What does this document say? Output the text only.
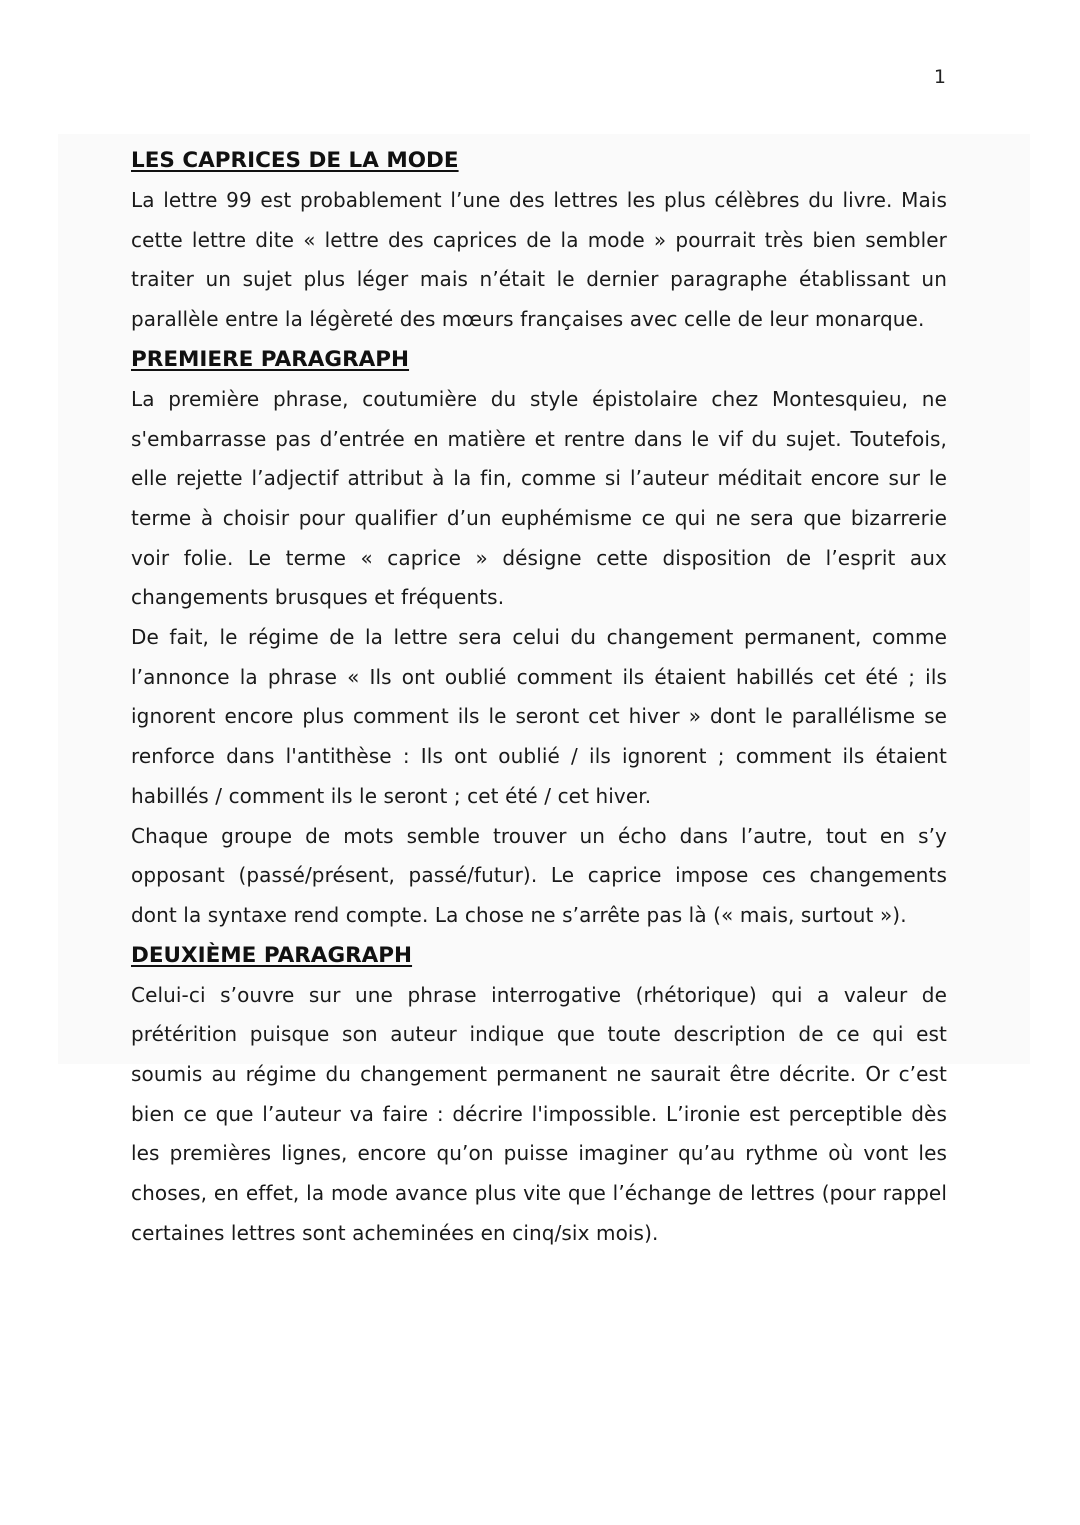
1
LES CAPRICES DE LA MODE

La lettre 99 est probablement l’une des lettres les plus célèbres du livre. Mais cette lettre dite « lettre des caprices de la mode » pourrait très bien sembler traiter un sujet plus léger mais n’était le dernier paragraphe établissant un parallèle entre la légèreté des mœurs françaises avec celle de leur monarque.

PREMIERE PARAGRAPH

La première phrase, coutumière du style épistolaire chez Montesquieu, ne s'embarrasse pas d’entrée en matière et rentre dans le vif du sujet. Toutefois, elle rejette l’adjectif attribut à la fin, comme si l’auteur méditait encore sur le terme à choisir pour qualifier d’un euphémisme ce qui ne sera que bizarrerie voir folie. Le terme « caprice » désigne cette disposition de l’esprit aux changements brusques et fréquents.

De fait, le régime de la lettre sera celui du changement permanent, comme l’annonce la phrase « Ils ont oublié comment ils étaient habillés cet été ; ils ignorent encore plus comment ils le seront cet hiver » dont le parallélisme se renforce dans l'antithèse : Ils ont oublié / ils ignorent ; comment ils étaient habillés / comment ils le seront ; cet été / cet hiver.

Chaque groupe de mots semble trouver un écho dans l’autre, tout en s’y opposant (passé/présent, passé/futur). Le caprice impose ces changements dont la syntaxe rend compte. La chose ne s’arrête pas là (« mais, surtout »).

DEUXIÈME PARAGRAPH

Celui-ci s’ouvre sur une phrase interrogative (rhétorique) qui a valeur de prétérition puisque son auteur indique que toute description de ce qui est soumis au régime du changement permanent ne saurait être décrite. Or c’est bien ce que l’auteur va faire : décrire l'impossible. L’ironie est perceptible dès les premières lignes, encore qu’on puisse imaginer qu’au rythme où vont les choses, en effet, la mode avance plus vite que l’échange de lettres (pour rappel certaines lettres sont acheminées en cinq/six mois).
